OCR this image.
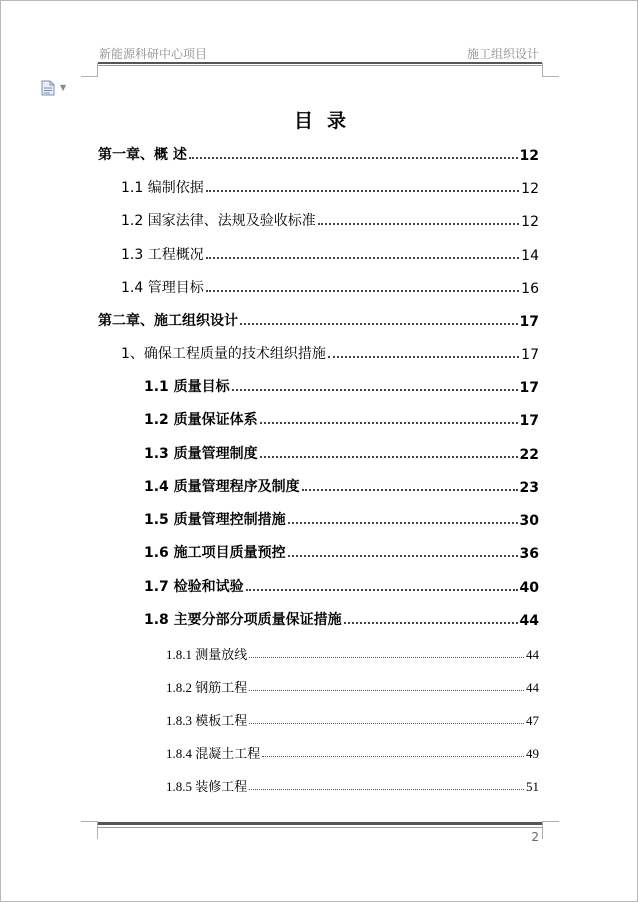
新能源科研中心项目	施工组织设计
▼
目录
第一章、概 述	12
1.1 编制依据	12
1.2 国家法律、法规及验收标准	12
1.3 工程概况	14
1.4 管理目标	16
第二章、施工组织设计	17
1、确保工程质量的技术组织措施	17
1.1 质量目标	17
1.2 质量保证体系	17
1.3 质量管理制度	22
1.4 质量管理程序及制度	23
1.5 质量管理控制措施	30
1.6 施工项目质量预控	36
1.7 检验和试验	40
1.8 主要分部分项质量保证措施	44
1.8.1 测量放线	44
1.8.2 钢筋工程	44
1.8.3 模板工程	47
1.8.4 混凝土工程	49
1.8.5 装修工程	51
2
